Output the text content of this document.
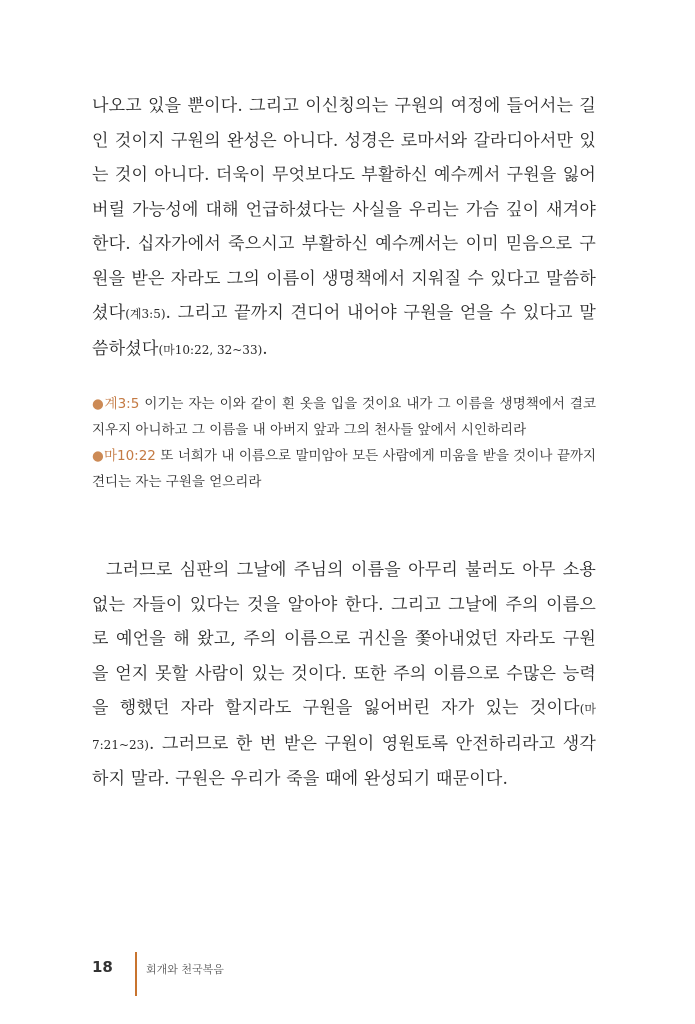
나오고 있을 뿐이다. 그리고 이신칭의는 구원의 여정에 들어서는 길인 것이지 구원의 완성은 아니다. 성경은 로마서와 갈라디아서만 있는 것이 아니다. 더욱이 무엇보다도 부활하신 예수께서 구원을 잃어버릴 가능성에 대해 언급하셨다는 사실을 우리는 가슴 깊이 새겨야 한다. 십자가에서 죽으시고 부활하신 예수께서는 이미 믿음으로 구원을 받은 자라도 그의 이름이 생명책에서 지워질 수 있다고 말씀하셨다(계3:5). 그리고 끝까지 견디어 내어야 구원을 얻을 수 있다고 말씀하셨다(마10:22, 32~33).

●계3:5 이기는 자는 이와 같이 흰 옷을 입을 것이요 내가 그 이름을 생명책에서 결코 지우지 아니하고 그 이름을 내 아버지 앞과 그의 천사들 앞에서 시인하리라

●마10:22 또 너희가 내 이름으로 말미암아 모든 사람에게 미움을 받을 것이나 끝까지 견디는 자는 구원을 얻으리라

그러므로 심판의 그날에 주님의 이름을 아무리 불러도 아무 소용없는 자들이 있다는 것을 알아야 한다. 그리고 그날에 주의 이름으로 예언을 해 왔고, 주의 이름으로 귀신을 쫓아내었던 자라도 구원을 얻지 못할 사람이 있는 것이다. 또한 주의 이름으로 수많은 능력을 행했던 자라 할지라도 구원을 잃어버린 자가 있는 것이다(마7:21~23). 그러므로 한 번 받은 구원이 영원토록 안전하리라고 생각하지 말라. 구원은 우리가 죽을 때에 완성되기 때문이다.

18	회개와 천국복음
